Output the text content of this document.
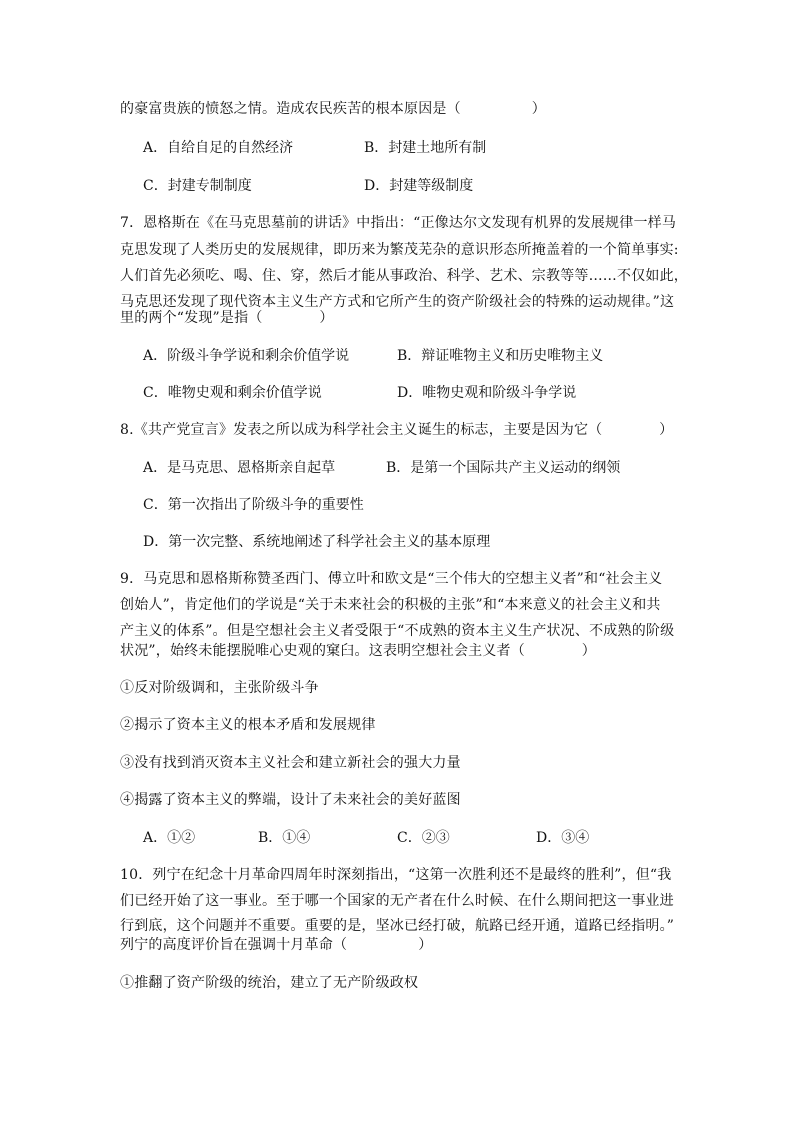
的豪富贵族的愤怒之情。造成农民疾苦的根本原因是（　　　　　）
A．自给自足的自然经济	B．封建土地所有制
C．封建专制制度	D．封建等级制度
7．恩格斯在《在马克思墓前的讲话》中指出：“正像达尔文发现有机界的发展规律一样马
克思发现了人类历史的发展规律，即历来为繁茂芜杂的意识形态所掩盖着的一个简单事实:
人们首先必须吃、喝、住、穿，然后才能从事政治、科学、艺术、宗教等等……不仅如此，
马克思还发现了现代资本主义生产方式和它所产生的资产阶级社会的特殊的运动规律。”这
里的两个“发现”是指（　　　　）
A．阶级斗争学说和剩余价值学说	B．辩证唯物主义和历史唯物主义
C．唯物史观和剩余价值学说	D．唯物史观和阶级斗争学说
8.《共产党宣言》发表之所以成为科学社会主义诞生的标志，主要是因为它（　　　　）
A．是马克思、恩格斯亲自起草	B．是第一个国际共产主义运动的纲领
C．第一次指出了阶级斗争的重要性
D．第一次完整、系统地阐述了科学社会主义的基本原理
9．马克思和恩格斯称赞圣西门、傅立叶和欧文是“三个伟大的空想主义者”和“社会主义
创始人”，肯定他们的学说是“关于未来社会的积极的主张”和“本来意义的社会主义和共
产主义的体系”。但是空想社会主义者受限于“不成熟的资本主义生产状况、不成熟的阶级
状况”，始终未能摆脱唯心史观的窠臼。这表明空想社会主义者（　　　　）
①反对阶级调和，主张阶级斗争
②揭示了资本主义的根本矛盾和发展规律
③没有找到消灭资本主义社会和建立新社会的强大力量
④揭露了资本主义的弊端，设计了未来社会的美好蓝图
A．①②	B．①④	C．②③	D．③④
10．列宁在纪念十月革命四周年时深刻指出，“这第一次胜利还不是最终的胜利”，但“我
们已经开始了这一事业。至于哪一个国家的无产者在什么时候、在什么期间把这一事业进
行到底，这个问题并不重要。重要的是，坚冰已经打破，航路已经开通，道路已经指明。”
列宁的高度评价旨在强调十月革命（　　　　　）
①推翻了资产阶级的统治，建立了无产阶级政权
